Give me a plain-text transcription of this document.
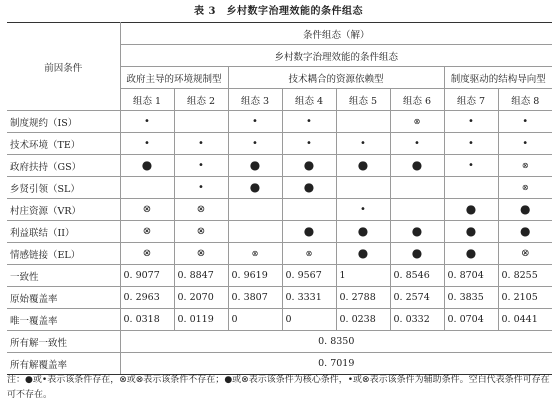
表 3　乡村数字治理效能的条件组态
前因条件	条件组态（解）							
	乡村数字治理效能的条件组态							
	政府主导的环境规制型		技术耦合的资源依赖型				制度驱动的结构导向型	
	组态 1	组态 2	组态 3	组态 4	组态 5	组态 6	组态 7	组态 8
制度规约（IS）	•		•	•		⊗	•	•
技术环境（TE）	•	•	•	•	•	•	•	•
政府扶持（GS）	●	•	●	●	●	●	•	⊗
乡贤引领（SL）		•	●	●				⊗
村庄资源（VR）	⊗	⊗			•		●	●
利益联结（II）	⊗	⊗		●	●	●	●	●
情感链接（EL）	⊗	⊗	⊗	⊗	●	●	●	⊗
一致性	0. 9077	0. 8847	0. 9619	0. 9567	1	0. 8546	0. 8704	0. 8255
原始覆盖率	0. 2963	0. 2070	0. 3807	0. 3331	0. 2788	0. 2574	0. 3835	0. 2105
唯一覆盖率	0. 0318	0. 0119	0	0	0. 0238	0. 0332	0. 0704	0. 0441
所有解一致性	0. 8350							
所有解覆盖率	0. 7019							
注：●或•表示该条件存在，⊗或⊗表示该条件不存在；●或⊗表示该条件为核心条件，•或⊗表示该条件为辅助条件。空白代表条件可存在可不存在。
